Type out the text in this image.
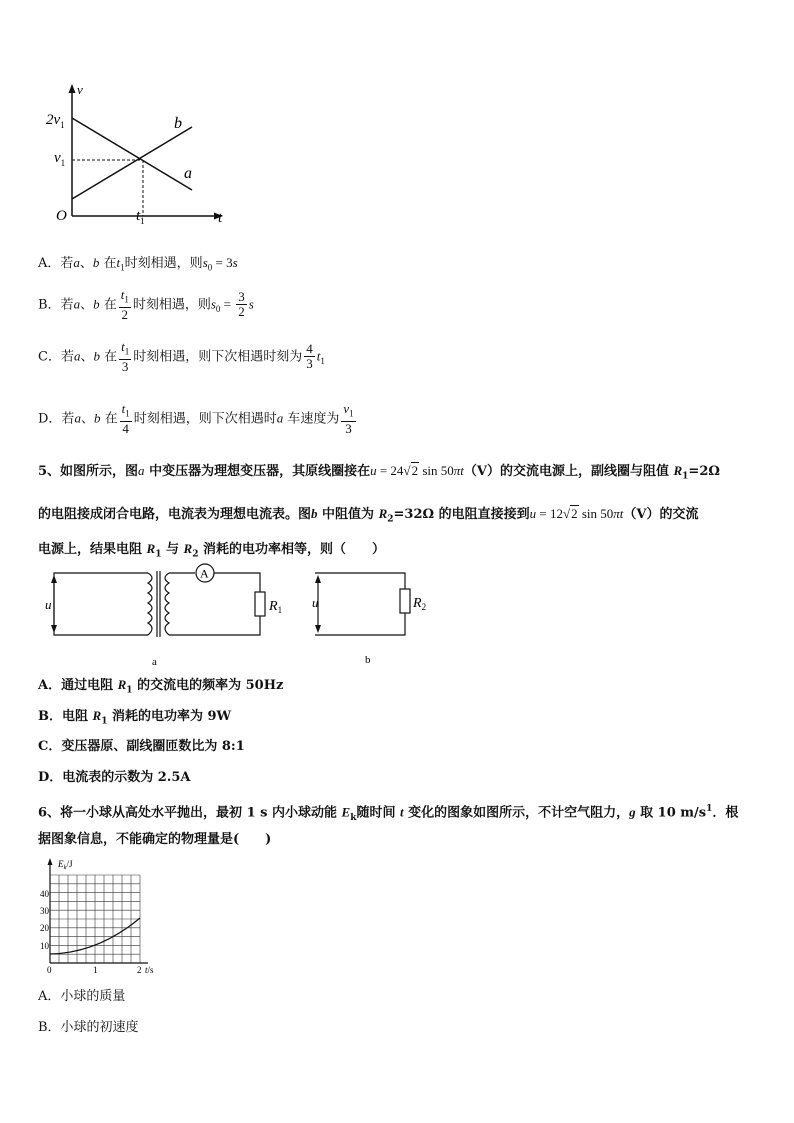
v
t
O
$2v_1$
$v_1$
$t_1$
b
a
A．若a、b 在$t_1$时刻相遇，则$s_0 = 3s$
B．若a、b 在 $\frac{t_1}{2}$ 时刻相遇，则$s_0 = \frac{3}{2}$ s
C．若a、b 在 $\frac{t_1}{3}$ 时刻相遇，则下次相遇时刻为 $\frac{4}{3} t_1$
D．若a、b 在 $\frac{t_1}{4}$ 时刻相遇，则下次相遇时a 车速度为 $\frac{v_1}{3}$
5、如图所示，图a 中变压器为理想变压器，其原线圈接在u = 24√2 sin 50πt（V）的交流电源上，副线圈与阻值 $R_1=2\Omega$
的电阻接成闭合电路，电流表为理想电流表。图b 中阻值为 $R_2=32\Omega$ 的电阻直接接到u = 12√2 sin 50πt（V）的交流
电源上，结果电阻 $R_1$ 与 $R_2$ 消耗的电功率相等，则（　　）
u
A
$R_1$
a
u	$R_2$
b
A．通过电阻 $R_1$ 的交流电的频率为 50Hz
B．电阻 $R_1$ 消耗的电功率为 9W
C．变压器原、副线圈匝数比为 8:1
D．电流表的示数为 2.5A
6、将一小球从高处水平抛出，最初 1 s 内小球动能 $E_k$随时间 t 变化的图象如图所示，不计空气阻力，g 取 10 $m/s^1$．根
据图象信息，不能确定的物理量是(　　)
$E_k/J$
40
30
20
10
0	1	2 t/s
A．小球的质量
B．小球的初速度
